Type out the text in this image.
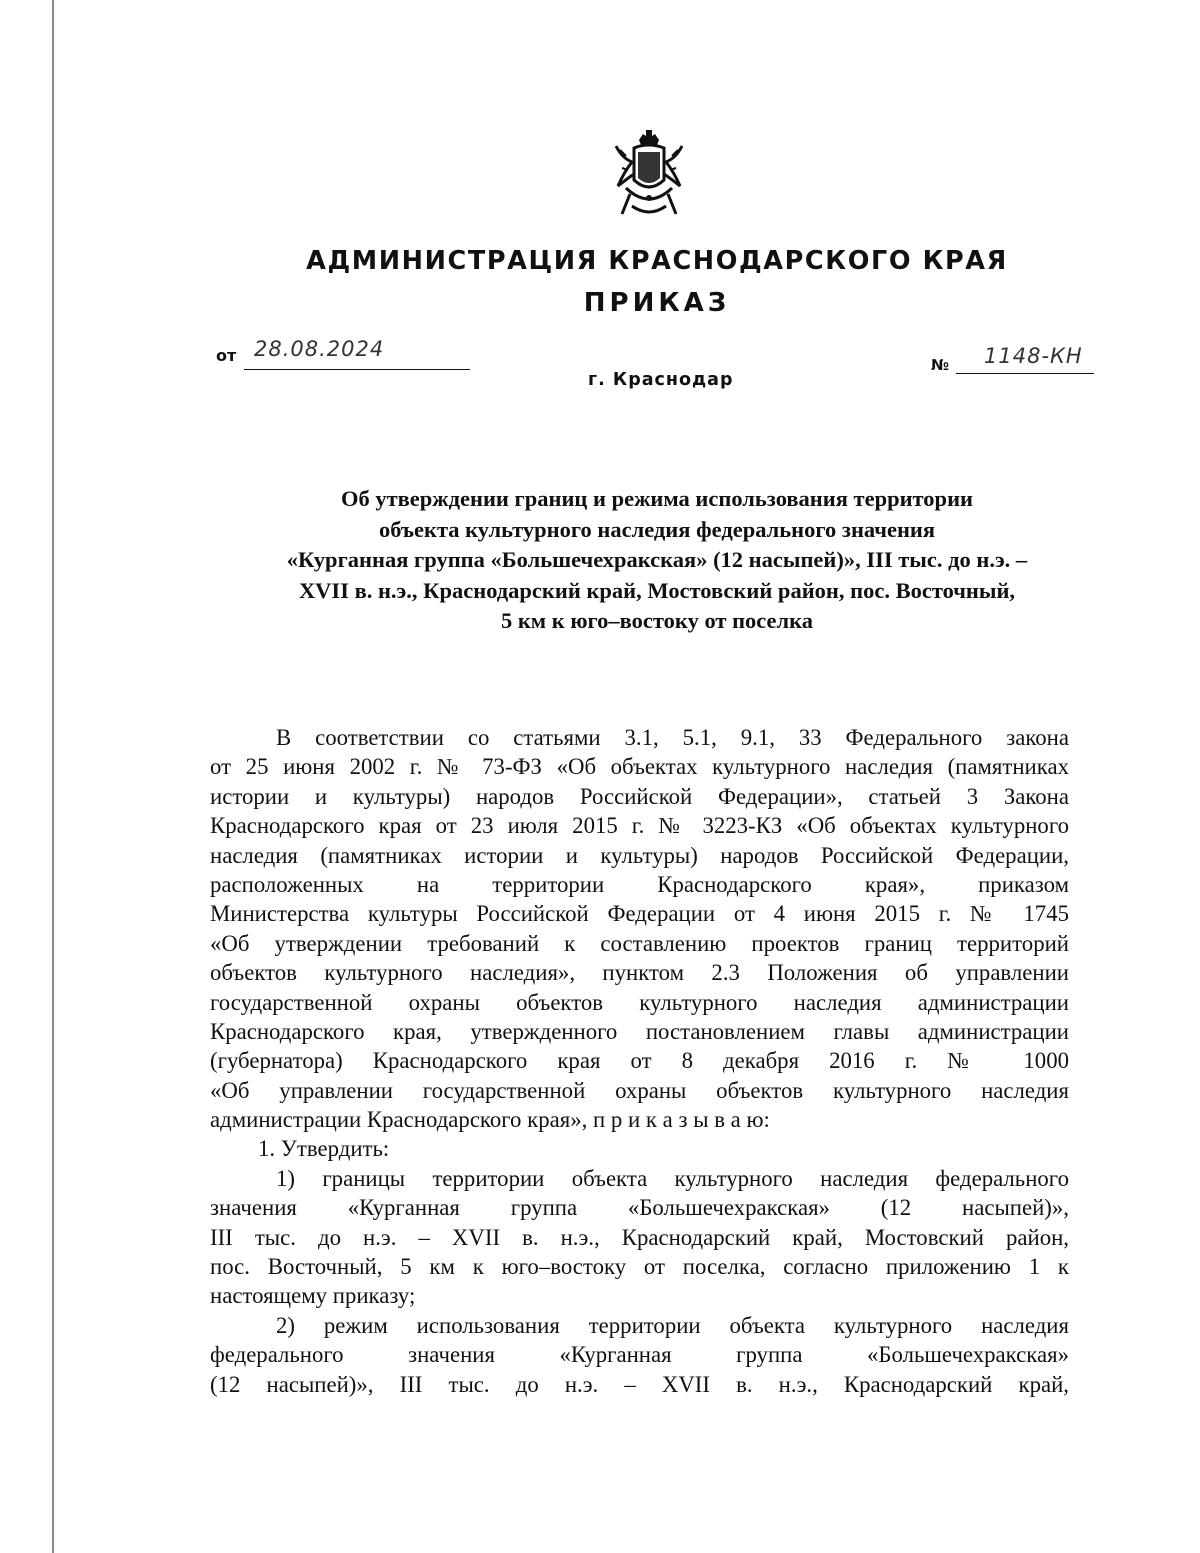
АДМИНИСТРАЦИЯ КРАСНОДАРСКОГО КРАЯ
ПРИКАЗ
от 28.08.2024
г. Краснодар
№ 1148-КН
Об утверждении границ и режима использования территории
объекта культурного наследия федерального значения
«Курганная группа «Большечехракская» (12 насыпей)», III тыс. до н.э. –
XVII в. н.э., Краснодарский край, Мостовский район, пос. Восточный,
5 км к юго–востоку от поселка
В соответствии со статьями 3.1, 5.1, 9.1, 33 Федерального закона
от 25 июня 2002 г. № 73-ФЗ «Об объектах культурного наследия (памятниках
истории и культуры) народов Российской Федерации», статьей 3 Закона
Краснодарского края от 23 июля 2015 г. № 3223-КЗ «Об объектах культурного
наследия (памятниках истории и культуры) народов Российской Федерации,
расположенных на территории Краснодарского края», приказом
Министерства культуры Российской Федерации от 4 июня 2015 г. № 1745
«Об утверждении требований к составлению проектов границ территорий
объектов культурного наследия», пунктом 2.3 Положения об управлении
государственной охраны объектов культурного наследия администрации
Краснодарского края, утвержденного постановлением главы администрации
(губернатора) Краснодарского края от 8 декабря 2016 г. № 1000
«Об управлении государственной охраны объектов культурного наследия
администрации Краснодарского края», п р и к а з ы в а ю:
1. Утвердить:
1) границы территории объекта культурного наследия федерального
значения «Курганная группа «Большечехракская» (12 насыпей)»,
III тыс. до н.э. – XVII в. н.э., Краснодарский край, Мостовский район,
пос. Восточный, 5 км к юго–востоку от поселка, согласно приложению 1 к
настоящему приказу;
2) режим использования территории объекта культурного наследия
федерального значения «Курганная группа «Большечехракская»
(12 насыпей)», III тыс. до н.э. – XVII в. н.э., Краснодарский край,
